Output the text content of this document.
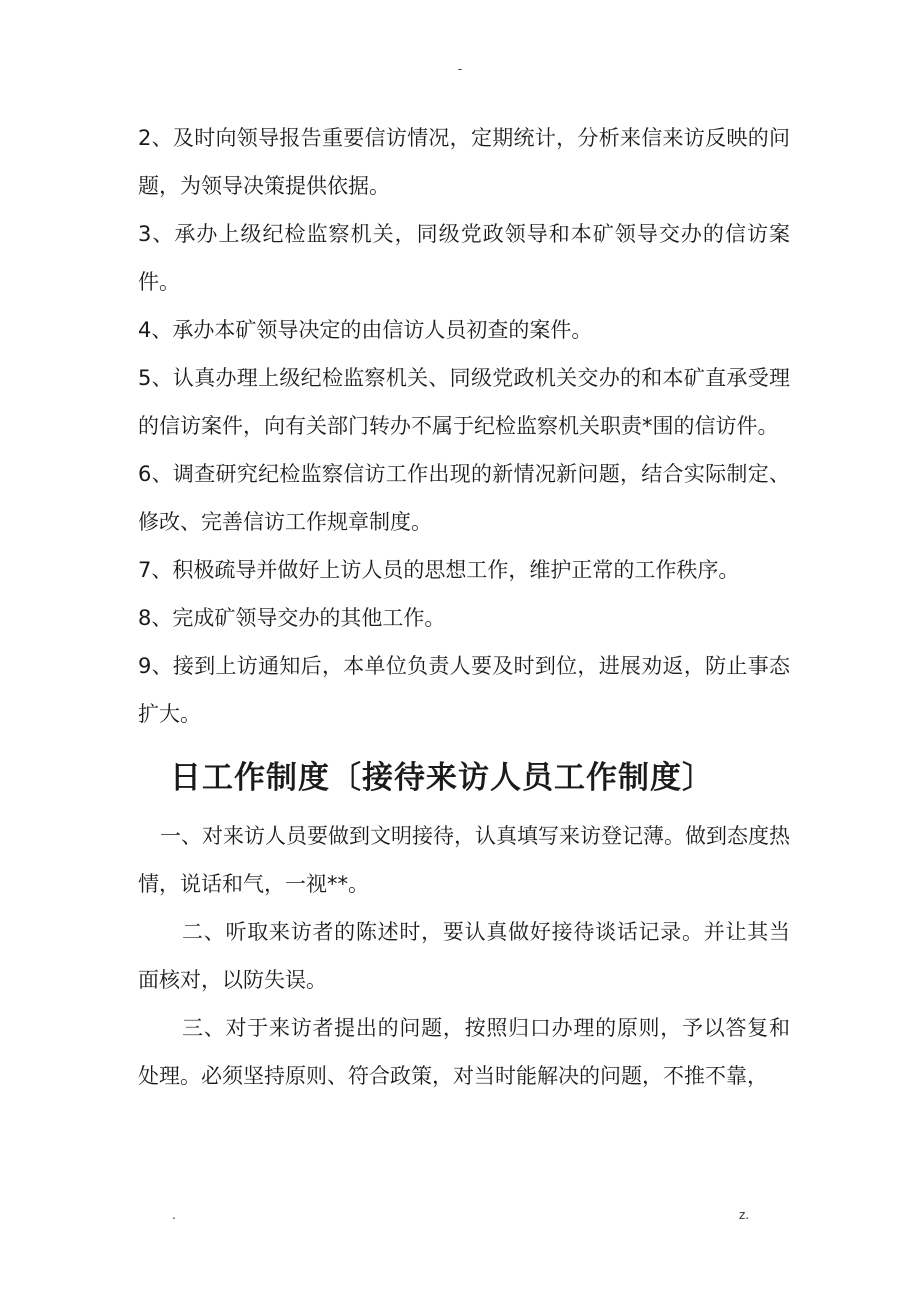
-

2、及时向领导报告重要信访情况，定期统计，分析来信来访反映的问题，为领导决策提供依据。

3、承办上级纪检监察机关，同级党政领导和本矿领导交办的信访案件。

4、承办本矿领导决定的由信访人员初查的案件。

5、认真办理上级纪检监察机关、同级党政机关交办的和本矿直承受理的信访案件，向有关部门转办不属于纪检监察机关职责*围的信访件。

6、调查研究纪检监察信访工作出现的新情况新问题，结合实际制定、修改、完善信访工作规章制度。

7、积极疏导并做好上访人员的思想工作，维护正常的工作秩序。

8、完成矿领导交办的其他工作。

9、接到上访通知后，本单位负责人要及时到位，进展劝返，防止事态扩大。

日工作制度〔接待来访人员工作制度〕

一、对来访人员要做到文明接待，认真填写来访登记薄。做到态度热情，说话和气，一视**。

二、听取来访者的陈述时，要认真做好接待谈话记录。并让其当面核对，以防失误。

三、对于来访者提出的问题，按照归口办理的原则，予以答复和处理。必须坚持原则、符合政策，对当时能解决的问题，不推不靠，

.	z.
